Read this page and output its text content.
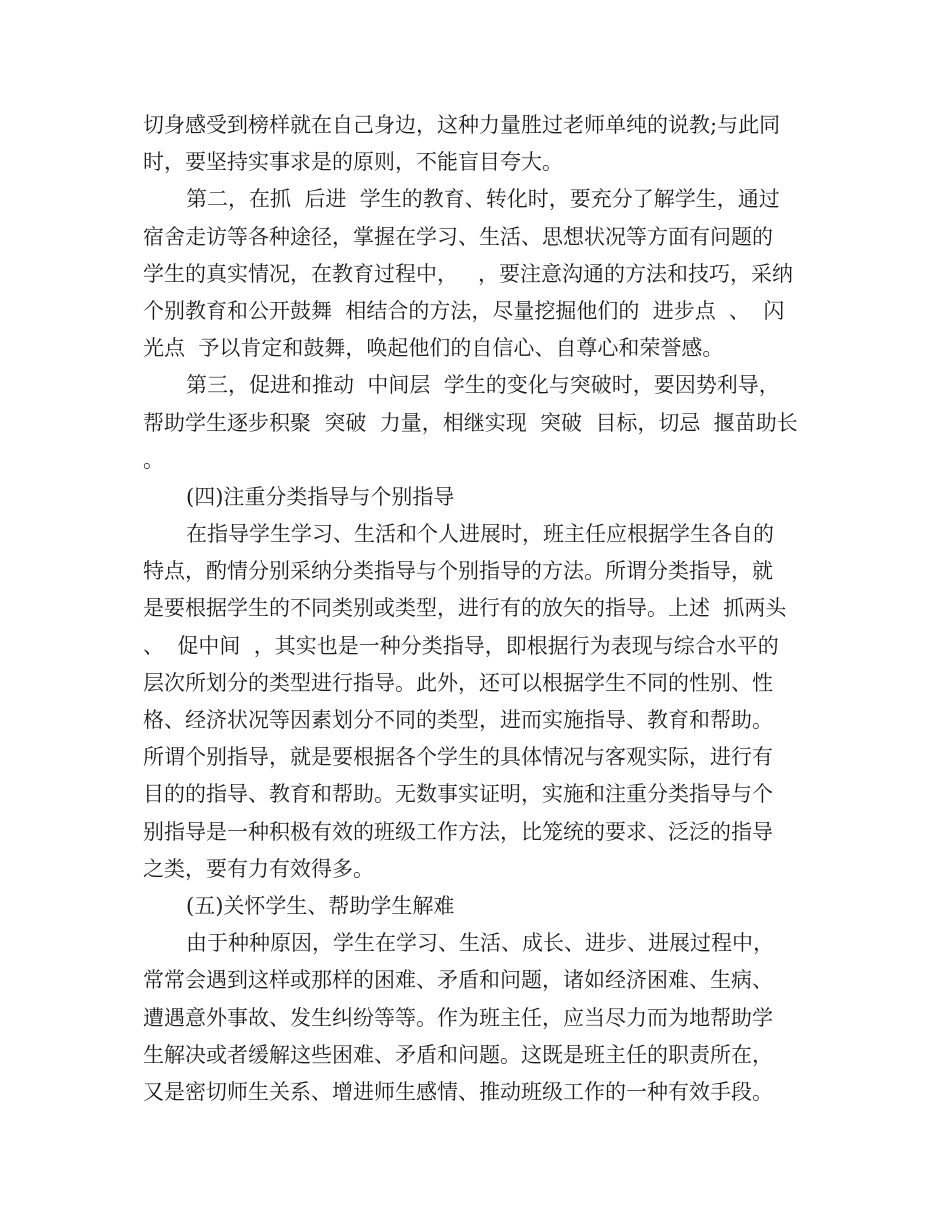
切身感受到榜样就在自己身边，这种力量胜过老师单纯的说教;与此同
时，要坚持实事求是的原则，不能盲目夸大。
第二，在抓  后进  学生的教育、转化时，要充分了解学生，通过
宿舍走访等各种途径，掌握在学习、生活、思想状况等方面有问题的
学生的真实情况，在教育过程中，   ，要注意沟通的方法和技巧，采纳
个别教育和公开鼓舞  相结合的方法，尽量挖掘他们的  进步点  、  闪
光点  予以肯定和鼓舞，唤起他们的自信心、自尊心和荣誉感。
第三，促进和推动  中间层  学生的变化与突破时，要因势利导，
帮助学生逐步积聚  突破  力量，相继实现  突破  目标，切忌  揠苗助长
。
(四)注重分类指导与个别指导
在指导学生学习、生活和个人进展时，班主任应根据学生各自的
特点，酌情分别采纳分类指导与个别指导的方法。所谓分类指导，就
是要根据学生的不同类别或类型，进行有的放矢的指导。上述  抓两头
、  促中间  ，其实也是一种分类指导，即根据行为表现与综合水平的
层次所划分的类型进行指导。此外，还可以根据学生不同的性别、性
格、经济状况等因素划分不同的类型，进而实施指导、教育和帮助。
所谓个别指导，就是要根据各个学生的具体情况与客观实际，进行有
目的的指导、教育和帮助。无数事实证明，实施和注重分类指导与个
别指导是一种积极有效的班级工作方法，比笼统的要求、泛泛的指导
之类，要有力有效得多。
(五)关怀学生、帮助学生解难
由于种种原因，学生在学习、生活、成长、进步、进展过程中，
常常会遇到这样或那样的困难、矛盾和问题，诸如经济困难、生病、
遭遇意外事故、发生纠纷等等。作为班主任，应当尽力而为地帮助学
生解决或者缓解这些困难、矛盾和问题。这既是班主任的职责所在，
又是密切师生关系、增进师生感情、推动班级工作的一种有效手段。
